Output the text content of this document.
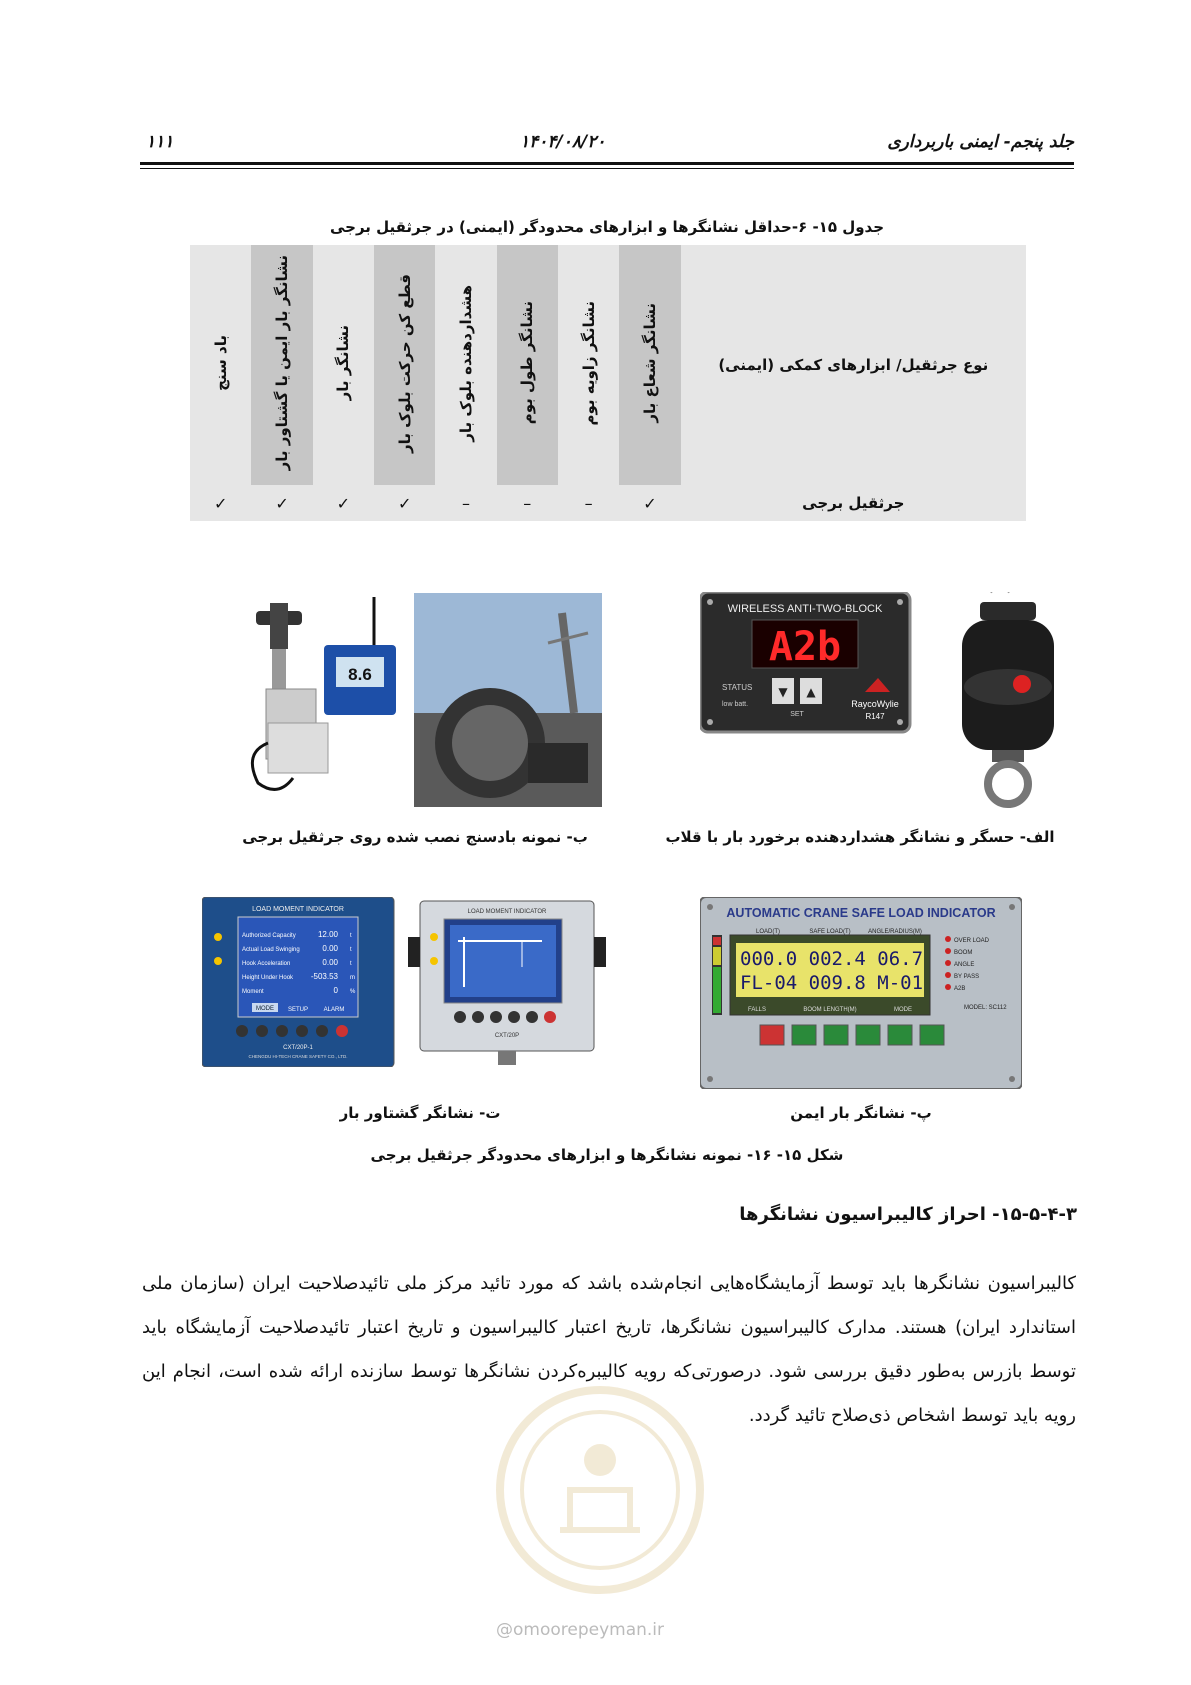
جلد پنجم- ایمنی باربرداری
۱۴۰۴/۰۸/۲۰
۱۱۱
جدول ۱۵- ۶-حداقل نشانگرها و ابزارهای محدودگر (ایمنی) در جرثقیل برجی
نوع جرثقیل/ ابزارهای کمکی (ایمنی)	نشانگر شعاع بار	نشانگر زاویه بوم	نشانگر طول بوم	هشداردهنده بلوک بار	قطع کن حرکت بلوک بار	نشانگر بار	نشانگر بار ایمن یا گشتاور بار	باد سنج
جرثقیل برجی	✓	–	–	–	✓	✓	✓	✓
WIRELESS ANTI-TWO-BLOCK
A2b
STATUS ▼ ▲
SET
low batt.	RaycoWylie
R147
الف- حسگر و نشانگر هشداردهنده برخورد بار با قلاب
8.6
ب- نمونه بادسنج نصب شده روی جرثقیل برجی
AUTOMATIC CRANE SAFE LOAD INDICATOR
LOAD(T)	SAFE LOAD(T)	ANGLE/RADIUS(M)
000.0 002.4 06.7
FL-04 009.8 M-01
FALLS	BOOM LENGTH(M)	MODE
OVER LOAD
BOOM
ANGLE
BY PASS
A2B
MODEL: SC112
پ- نشانگر بار ایمن
LOAD MOMENT INDICATOR
Authorized Capacity	12.00 t
Actual Load Swinging	0.00 t
Hook Acceleration	0.00 t
Height Under Hook -503.53 m
Moment	0 %
MODE SETUP	ALARM
CXT/20P-1
CHENGDU HI-TECH CRANE SAFETY CO., LTD.
LOAD MOMENT INDICATOR
CXT/20P
ت- نشانگر گشتاور بار
شکل ۱۵- ۱۶- نمونه نشانگرها و ابزارهای محدودگر جرثقیل برجی
۱۵-۵-۴-۳- احراز کالیبراسیون نشانگرها
کالیبراسیون نشانگرها باید توسط آزمایشگاه‌هایی انجام‌شده باشد که مورد تائید مرکز ملی تائیدصلاحیت ایران (سازمان ملی استاندارد ایران) هستند. مدارک کالیبراسیون نشانگرها، تاریخ اعتبار کالیبراسیون و تاریخ اعتبار تائیدصلاحیت آزمایشگاه باید توسط بازرس به‌طور دقیق بررسی شود. درصورتی‌که رویه کالیبره‌کردن نشانگرها توسط سازنده ارائه شده است، انجام این رویه باید توسط اشخاص ذی‌صلاح تائید گردد.
@omoorepeyman.ir
